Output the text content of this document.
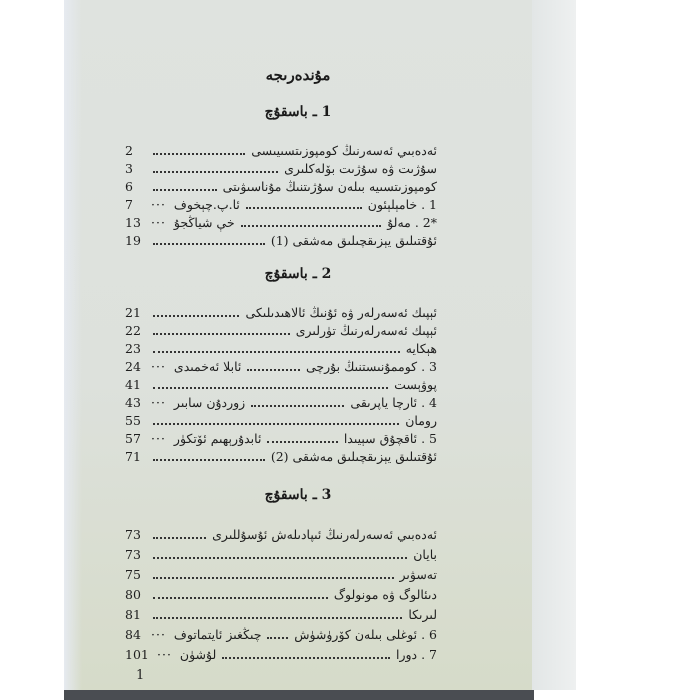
مۇندەرىجە
1 ـ باسقۇچ
2	ئەدەبىي ئەسەرنىڭ كومپوزىتسىيىسى
3	سۇژىت ۋە سۇژىت بۆلەكلىرى
6	كومپوزىتسىيە بىلەن سۇژىتنىڭ مۇناسىۋىتى
7	··· ئا.پ.چېخوف	1 . خامېلېئون
13 ··· خې شياڭجۇ	*2 . مەلۇ
19	ئۇقتىلىق يېزىقچىلىق مەشقى (1)
2 ـ باسقۇچ
21	ئېپىك ئەسەرلەر ۋە ئۇنىڭ ئالاھىدىلىكى
22	ئېپىك ئەسەرلەرنىڭ تۈرلىرى
23	ھېكايە
24 ··· ئابلا ئەخمىدى	3 . كوممۇنىستنىڭ بۇرچى
41	پوۋېست
43 ··· زوردۇن سابىر	4 . ئارچا ياپرىقى
55	رومان
57 ··· ئابدۇرېھىم ئۆتكۈر	5 . ئاقچۇق سېيىدا
71	ئۇقتىلىق يېزىقچىلىق مەشقى (2)
3 ـ باسقۇچ
73	ئەدەبىي ئەسەرلەرنىڭ ئىپادىلەش ئۇسۇللىرى
73	بايان
75	تەسۋىر
80	دىئالوگ ۋە مونولوگ
81	لىرىكا
84 ··· چىڭغىز ئايتماتوف	6 . ئوغلى بىلەن كۆرۈشۈش
101 ··· لۇشۈن	7 . دورا
1
